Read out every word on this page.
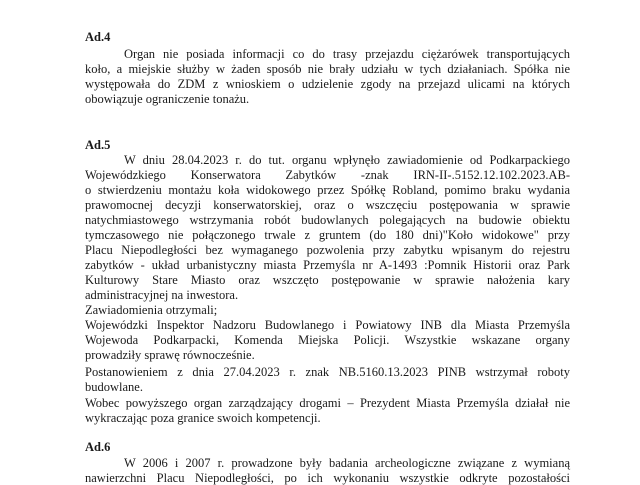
Ad.4
Organ nie posiada informacji co do trasy przejazdu ciężarówek transportujących
koło, a miejskie służby w żaden sposób nie brały udziału w tych działaniach. Spółka nie
występowała do ZDM z wnioskiem o udzielenie zgody na przejazd ulicami na których
obowiązuje ograniczenie tonażu.
Ad.5
W dniu 28.04.2023 r. do tut. organu wpłynęło zawiadomienie od Podkarpackiego
Wojewódzkiego Konserwatora Zabytków -znak IRN-II-.5152.12.102.2023.AB-
o stwierdzeniu montażu koła widokowego przez Spółkę Robland, pomimo braku wydania
prawomocnej decyzji konserwatorskiej, oraz o wszczęciu postępowania w sprawie
natychmiastowego wstrzymania robót budowlanych polegających na budowie obiektu
tymczasowego nie połączonego trwale z gruntem (do 180 dni)"Koło widokowe" przy
Placu Niepodległości bez wymaganego pozwolenia przy zabytku wpisanym do rejestru
zabytków - układ urbanistyczny miasta Przemyśla nr A-1493 :Pomnik Historii oraz Park
Kulturowy Stare Miasto oraz wszczęto postępowanie w sprawie nałożenia kary
administracyjnej na inwestora.
Zawiadomienia otrzymali;
Wojewódzki Inspektor Nadzoru Budowlanego i Powiatowy INB dla Miasta Przemyśla
Wojewoda Podkarpacki, Komenda Miejska Policji. Wszystkie wskazane organy
prowadziły sprawę równocześnie.
Postanowieniem z dnia 27.04.2023 r. znak NB.5160.13.2023 PINB wstrzymał roboty
budowlane.
Wobec powyższego organ zarządzający drogami – Prezydent Miasta Przemyśla działał nie
wykraczając poza granice swoich kompetencji.
Ad.6
W 2006 i 2007 r. prowadzone były badania archeologiczne związane z wymianą
nawierzchni Placu Niepodległości, po ich wykonaniu wszystkie odkryte pozostałości
